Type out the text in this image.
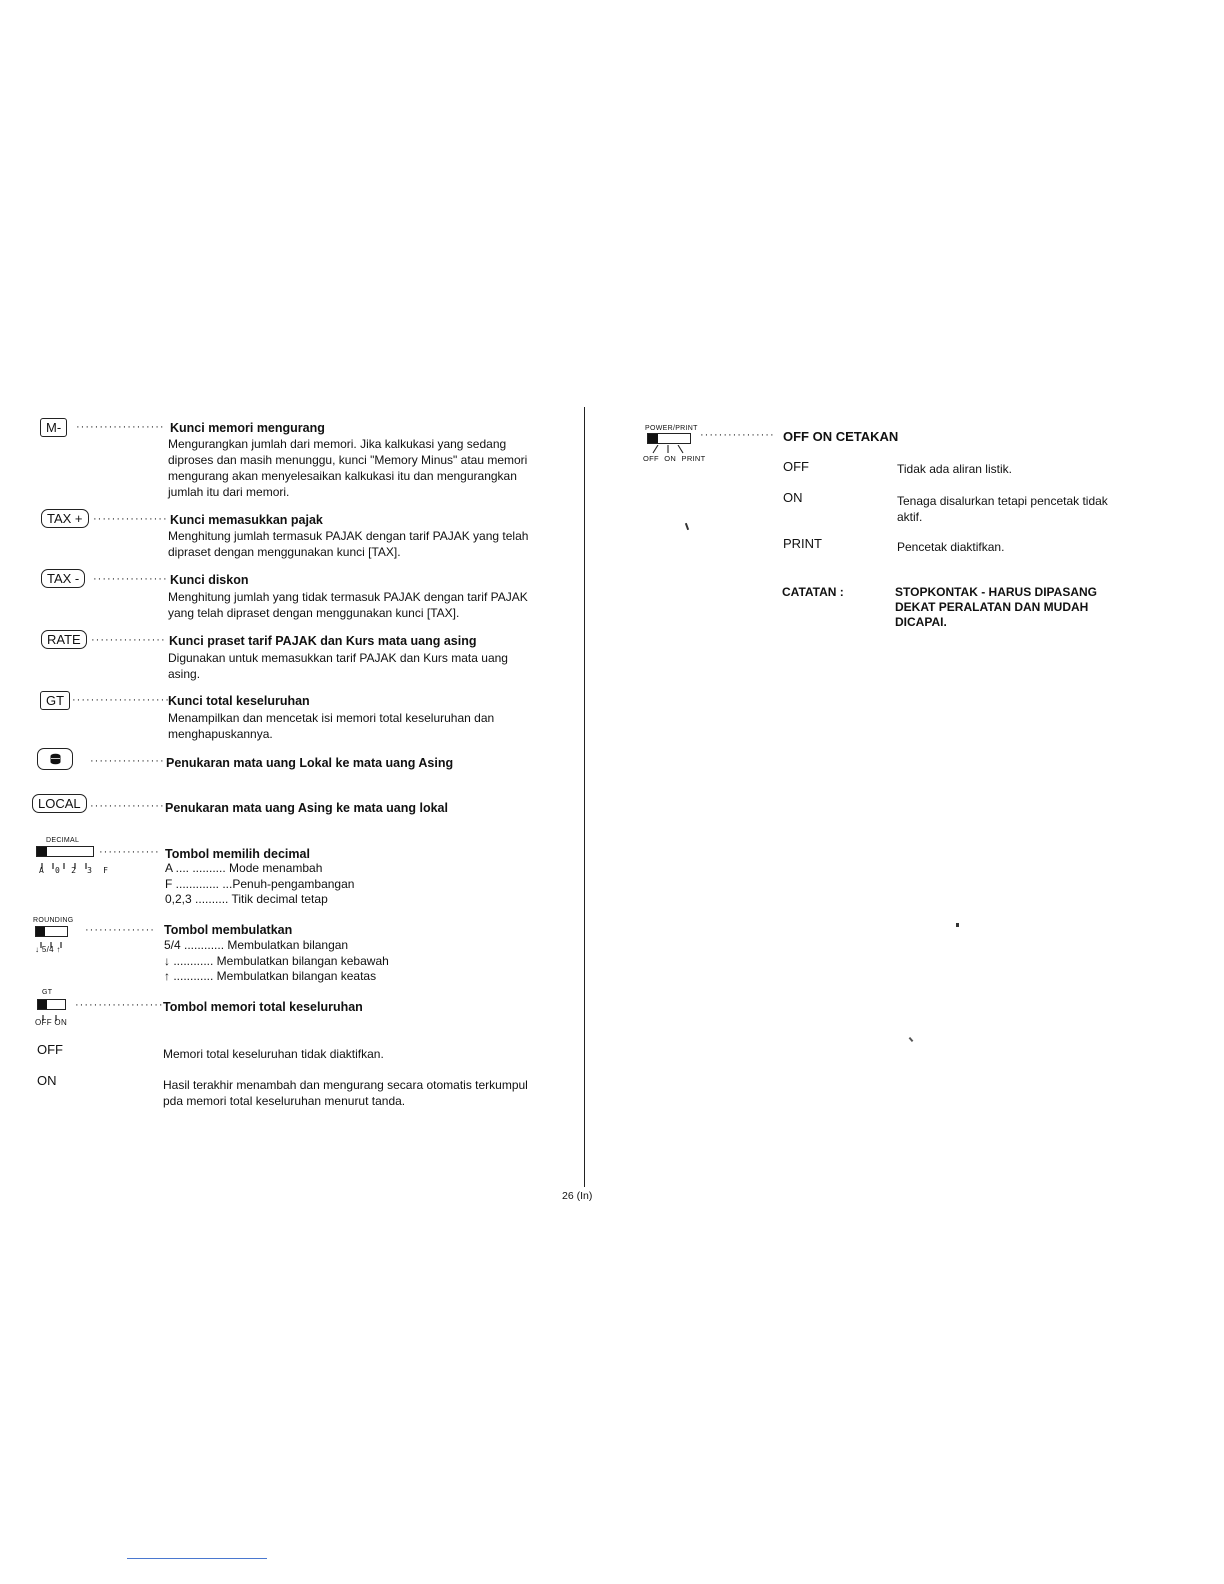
M-	··················· Kunci memori mengurang
Mengurangkan jumlah dari memori. Jika kalkukasi yang sedang
diproses dan masih menunggu, kunci "Memory Minus" atau memori
mengurang akan menyelesaikan kalkukasi itu dan mengurangkan
jumlah itu dari memori.
TAX + ················ Kunci memasukkan pajak
Menghitung jumlah termasuk PAJAK dengan tarif PAJAK yang telah
dipraset dengan menggunakan kunci [TAX].
TAX -	················ Kunci diskon
Menghitung jumlah yang tidak termasuk PAJAK dengan tarif PAJAK
yang telah dipraset dengan menggunakan kunci [TAX].
RATE ················ Kunci praset tarif PAJAK dan Kurs mata uang asing
Digunakan untuk memasukkan tarif PAJAK dan Kurs mata uang
asing.
GT ·····················
Kunci total keseluruhan
Menampilkan dan mencetak isi memori total keseluruhan dan
menghapuskannya.
················ Penukaran mata uang Lokal ke mata uang Asing
LOCAL ················ Penukaran mata uang Asing ke mata uang lokal
DECIMAL
A 0 2 3 F
············· Tombol memilih decimal
A .... .......... Mode menambah
F ............. ...Penuh-pengambangan
0,2,3 .......... Titik decimal tetap
ROUNDING
↓ 5/4 ↑
··············· Tombol membulatkan
5/4 ............ Membulatkan bilangan
↓ ............ Membulatkan bilangan kebawah
↑ ............ Membulatkan bilangan keatas
GT
OFF ON
··················· Tombol memori total keseluruhan
OFF	Memori total keseluruhan tidak diaktifkan.
ON	Hasil terakhir menambah dan mengurang secara otomatis terkumpul
pda memori total keseluruhan menurut tanda.
26 (In)
POWER/PRINT
OFF ON PRINT
················ OFF ON CETAKAN
OFF	Tidak ada aliran listik.
ON	Tenaga disalurkan tetapi pencetak tidak
aktif.
PRINT	Pencetak diaktifkan.
CATATAN :	STOPKONTAK - HARUS DIPASANG
DEKAT PERALATAN DAN MUDAH
DICAPAI.
